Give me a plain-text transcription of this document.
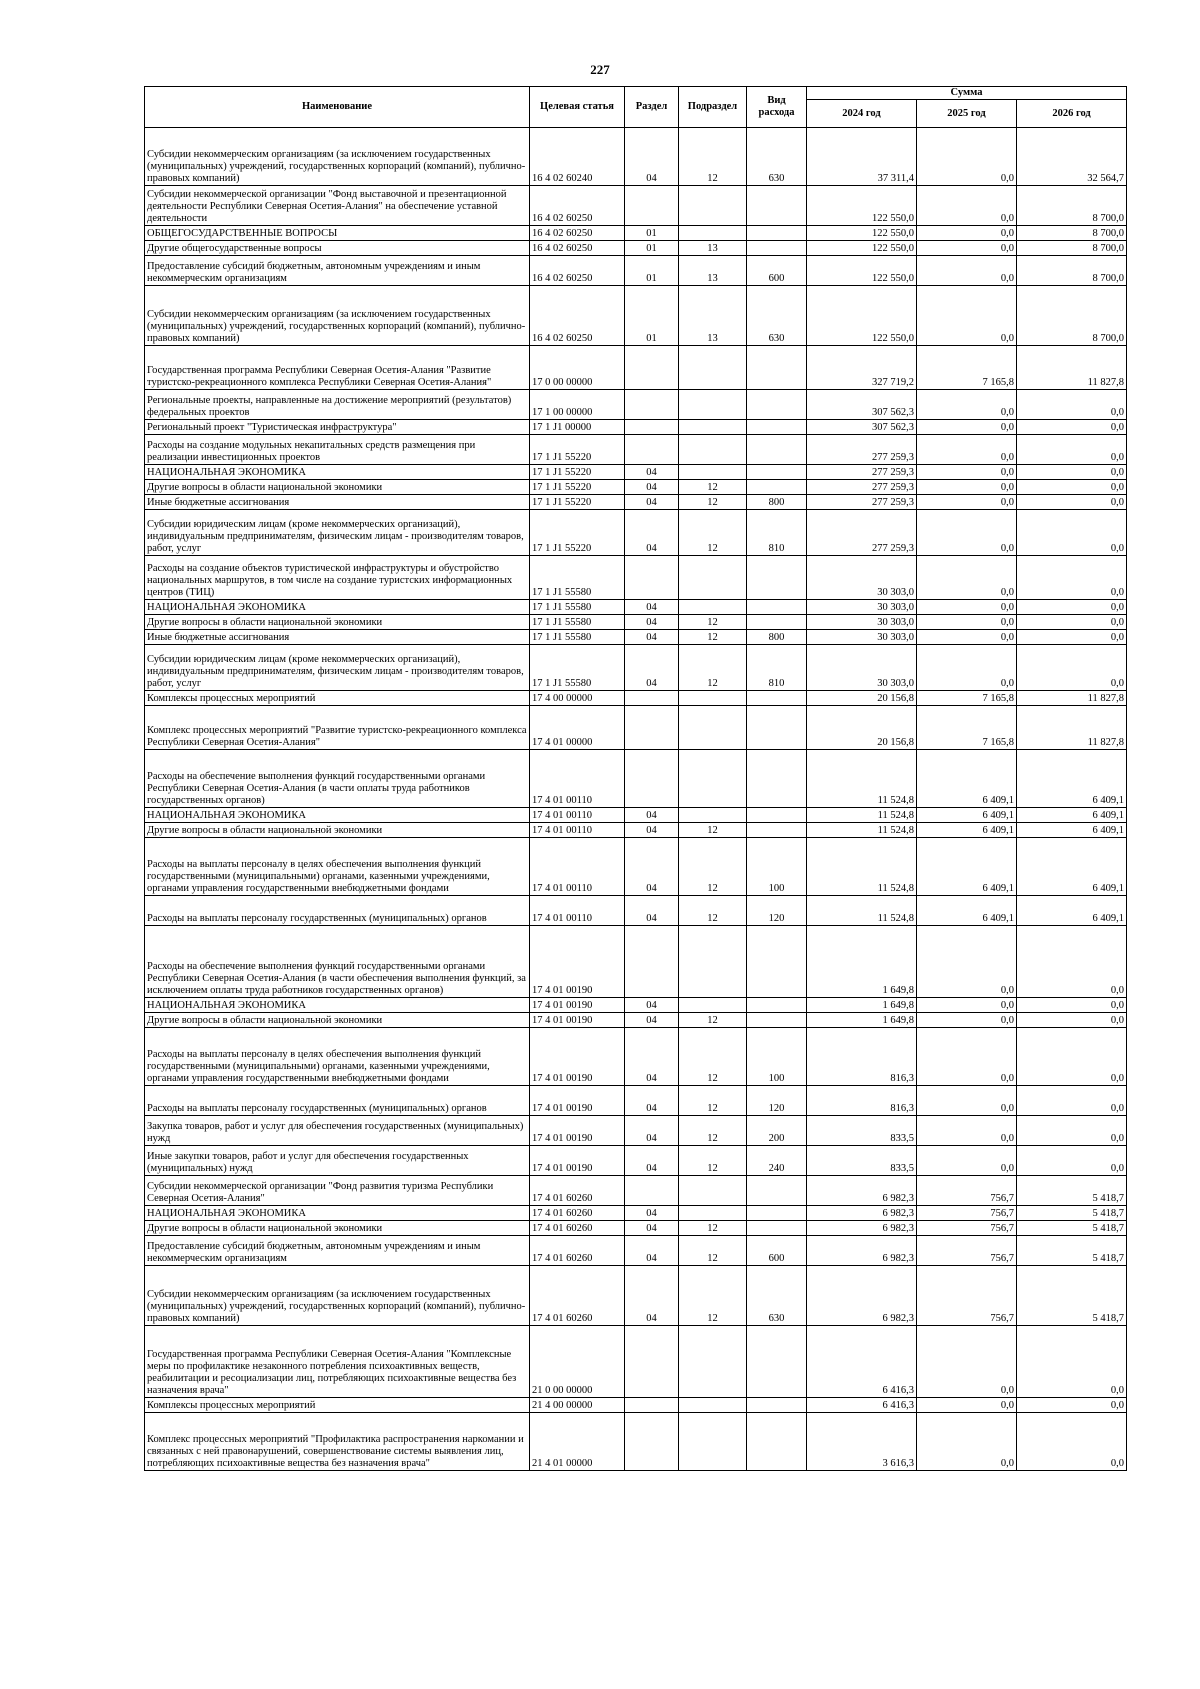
227
Наименование	Целевая статья	Раздел	Подраздел	Вид расхода	Сумма		
					2024 год	2025 год	2026 год
Субсидии некоммерческим организациям (за исключением государственных (муниципальных) учреждений, государственных корпораций (компаний), публично-правовых компаний)	16 4 02 60240	04	12	630	37 311,4	0,0	32 564,7
Субсидии некоммерческой организации "Фонд выставочной и презентационной деятельности Республики Северная Осетия-Алания" на обеспечение уставной деятельности	16 4 02 60250				122 550,0	0,0	8 700,0
ОБЩЕГОСУДАРСТВЕННЫЕ ВОПРОСЫ	16 4 02 60250	01			122 550,0	0,0	8 700,0
Другие общегосударственные вопросы	16 4 02 60250	01	13		122 550,0	0,0	8 700,0
Предоставление субсидий бюджетным, автономным учреждениям и иным некоммерческим организациям	16 4 02 60250	01	13	600	122 550,0	0,0	8 700,0
Субсидии некоммерческим организациям (за исключением государственных (муниципальных) учреждений, государственных корпораций (компаний), публично-правовых компаний)	16 4 02 60250	01	13	630	122 550,0	0,0	8 700,0
Государственная программа Республики Северная Осетия-Алания "Развитие туристско-рекреационного комплекса Республики Северная Осетия-Алания"	17 0 00 00000				327 719,2	7 165,8	11 827,8
Региональные проекты, направленные на достижение мероприятий (результатов) федеральных проектов	17 1 00 00000				307 562,3	0,0	0,0
Региональный проект "Туристическая инфраструктура"	17 1 J1 00000				307 562,3	0,0	0,0
Расходы на создание модульных некапитальных средств размещения при реализации инвестиционных проектов	17 1 J1 55220				277 259,3	0,0	0,0
НАЦИОНАЛЬНАЯ ЭКОНОМИКА	17 1 J1 55220	04			277 259,3	0,0	0,0
Другие вопросы в области национальной экономики	17 1 J1 55220	04	12		277 259,3	0,0	0,0
Иные бюджетные ассигнования	17 1 J1 55220	04	12	800	277 259,3	0,0	0,0
Субсидии юридическим лицам (кроме некоммерческих организаций), индивидуальным предпринимателям, физическим лицам - производителям товаров, работ, услуг	17 1 J1 55220	04	12	810	277 259,3	0,0	0,0
Расходы на создание объектов туристической инфраструктуры и обустройство национальных маршрутов, в том числе на создание туристских информационных центров (ТИЦ)	17 1 J1 55580				30 303,0	0,0	0,0
НАЦИОНАЛЬНАЯ ЭКОНОМИКА	17 1 J1 55580	04			30 303,0	0,0	0,0
Другие вопросы в области национальной экономики	17 1 J1 55580	04	12		30 303,0	0,0	0,0
Иные бюджетные ассигнования	17 1 J1 55580	04	12	800	30 303,0	0,0	0,0
Субсидии юридическим лицам (кроме некоммерческих организаций), индивидуальным предпринимателям, физическим лицам - производителям товаров, работ, услуг	17 1 J1 55580	04	12	810	30 303,0	0,0	0,0
Комплексы процессных мероприятий	17 4 00 00000				20 156,8	7 165,8	11 827,8
Комплекс процессных мероприятий "Развитие туристско-рекреационного комплекса Республики Северная Осетия-Алания"	17 4 01 00000				20 156,8	7 165,8	11 827,8
Расходы на обеспечение выполнения функций государственными органами Республики Северная Осетия-Алания (в части оплаты труда работников государственных органов)	17 4 01 00110				11 524,8	6 409,1	6 409,1
НАЦИОНАЛЬНАЯ ЭКОНОМИКА	17 4 01 00110	04			11 524,8	6 409,1	6 409,1
Другие вопросы в области национальной экономики	17 4 01 00110	04	12		11 524,8	6 409,1	6 409,1
Расходы на выплаты персоналу в целях обеспечения выполнения функций государственными (муниципальными) органами, казенными учреждениями, органами управления государственными внебюджетными фондами	17 4 01 00110	04	12	100	11 524,8	6 409,1	6 409,1
Расходы на выплаты персоналу государственных (муниципальных) органов	17 4 01 00110	04	12	120	11 524,8	6 409,1	6 409,1
Расходы на обеспечение выполнения функций государственными органами Республики Северная Осетия-Алания (в части обеспечения выполнения функций, за исключением оплаты труда работников государственных органов)	17 4 01 00190				1 649,8	0,0	0,0
НАЦИОНАЛЬНАЯ ЭКОНОМИКА	17 4 01 00190	04			1 649,8	0,0	0,0
Другие вопросы в области национальной экономики	17 4 01 00190	04	12		1 649,8	0,0	0,0
Расходы на выплаты персоналу в целях обеспечения выполнения функций государственными (муниципальными) органами, казенными учреждениями, органами управления государственными внебюджетными фондами	17 4 01 00190	04	12	100	816,3	0,0	0,0
Расходы на выплаты персоналу государственных (муниципальных) органов	17 4 01 00190	04	12	120	816,3	0,0	0,0
Закупка товаров, работ и услуг для обеспечения государственных (муниципальных) нужд	17 4 01 00190	04	12	200	833,5	0,0	0,0
Иные закупки товаров, работ и услуг для обеспечения государственных (муниципальных) нужд	17 4 01 00190	04	12	240	833,5	0,0	0,0
Субсидии некоммерческой организации "Фонд развития туризма Республики Северная Осетия-Алания"	17 4 01 60260				6 982,3	756,7	5 418,7
НАЦИОНАЛЬНАЯ ЭКОНОМИКА	17 4 01 60260	04			6 982,3	756,7	5 418,7
Другие вопросы в области национальной экономики	17 4 01 60260	04	12		6 982,3	756,7	5 418,7
Предоставление субсидий бюджетным, автономным учреждениям и иным некоммерческим организациям	17 4 01 60260	04	12	600	6 982,3	756,7	5 418,7
Субсидии некоммерческим организациям (за исключением государственных (муниципальных) учреждений, государственных корпораций (компаний), публично-правовых компаний)	17 4 01 60260	04	12	630	6 982,3	756,7	5 418,7
Государственная программа Республики Северная Осетия-Алания "Комплексные меры по профилактике незаконного потребления психоактивных веществ, реабилитации и ресоциализации лиц, потребляющих психоактивные вещества без назначения врача"	21 0 00 00000				6 416,3	0,0	0,0
Комплексы процессных мероприятий	21 4 00 00000				6 416,3	0,0	0,0
Комплекс процессных мероприятий "Профилактика распространения наркомании и связанных с ней правонарушений, совершенствование системы выявления лиц, потребляющих психоактивные вещества без назначения врача"	21 4 01 00000				3 616,3	0,0	0,0
